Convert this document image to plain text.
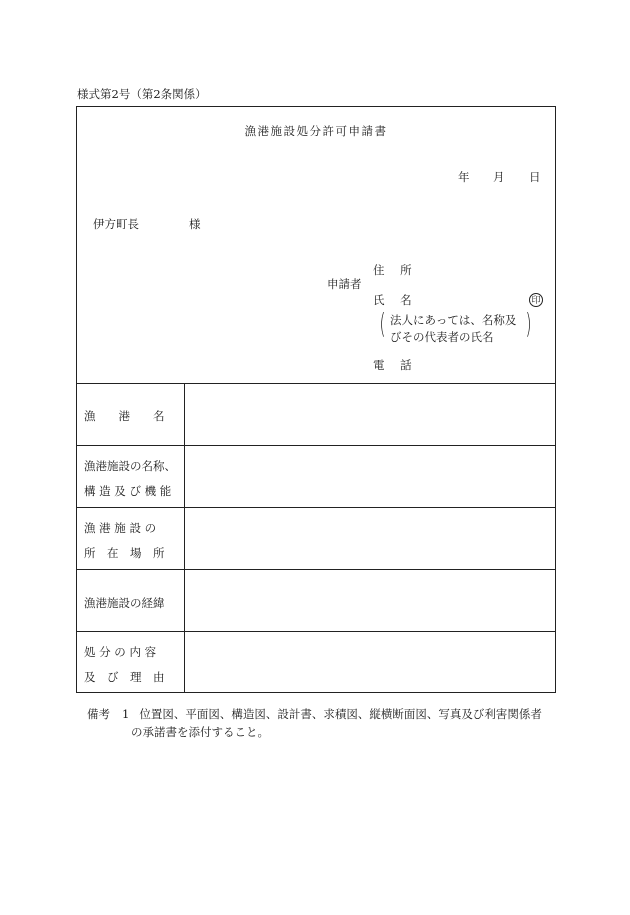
様式第2号（第2条関係）
漁港施設処分許可申請書
年 月 日
伊方町長	様
住 所
申請者
氏 名	印
( 法人にあっては、名称及
びその代表者の氏名 )
電 話
漁　　港　　名
漁港施設の名称、
構 造 及 び 機 能
漁 港 施 設 の
所　在　場　所
漁港施設の経緯
処 分 の 内 容
及　び　理　由
備考 1 位置図、平面図、構造図、設計書、求積図、縦横断面図、写真及び利害関係者
の承諾書を添付すること。
